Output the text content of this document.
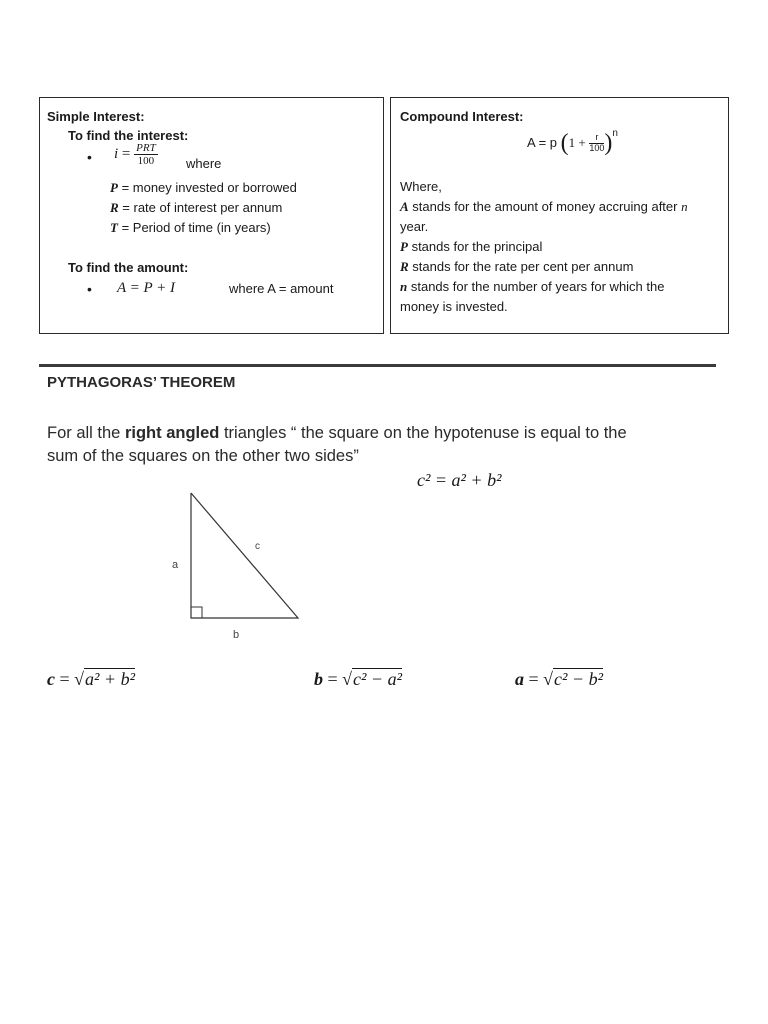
Simple Interest:
To find the interest:
• $i = \frac{\text{PRT}}{100}$ where
P = money invested or borrowed
R = rate of interest per annum
T = Period of time (in years)
To find the amount:
• A = P + I	where A = amount
Compound Interest:
A = p $(1 + \frac{r}{100} )^n$
Where,
A stands for the amount of money accruing after n
year.
P stands for the principal
R stands for the rate per cent per annum
n stands for the number of years for which the
money is invested.
PYTHAGORAS’ THEOREM
For all the right angled triangles “ the square on the hypotenuse is equal to the
sum of the squares on the other two sides”
c² = a² + b²
a
c
b
c = √a² + b²	b = √c² − a²	a = √c² − b²
